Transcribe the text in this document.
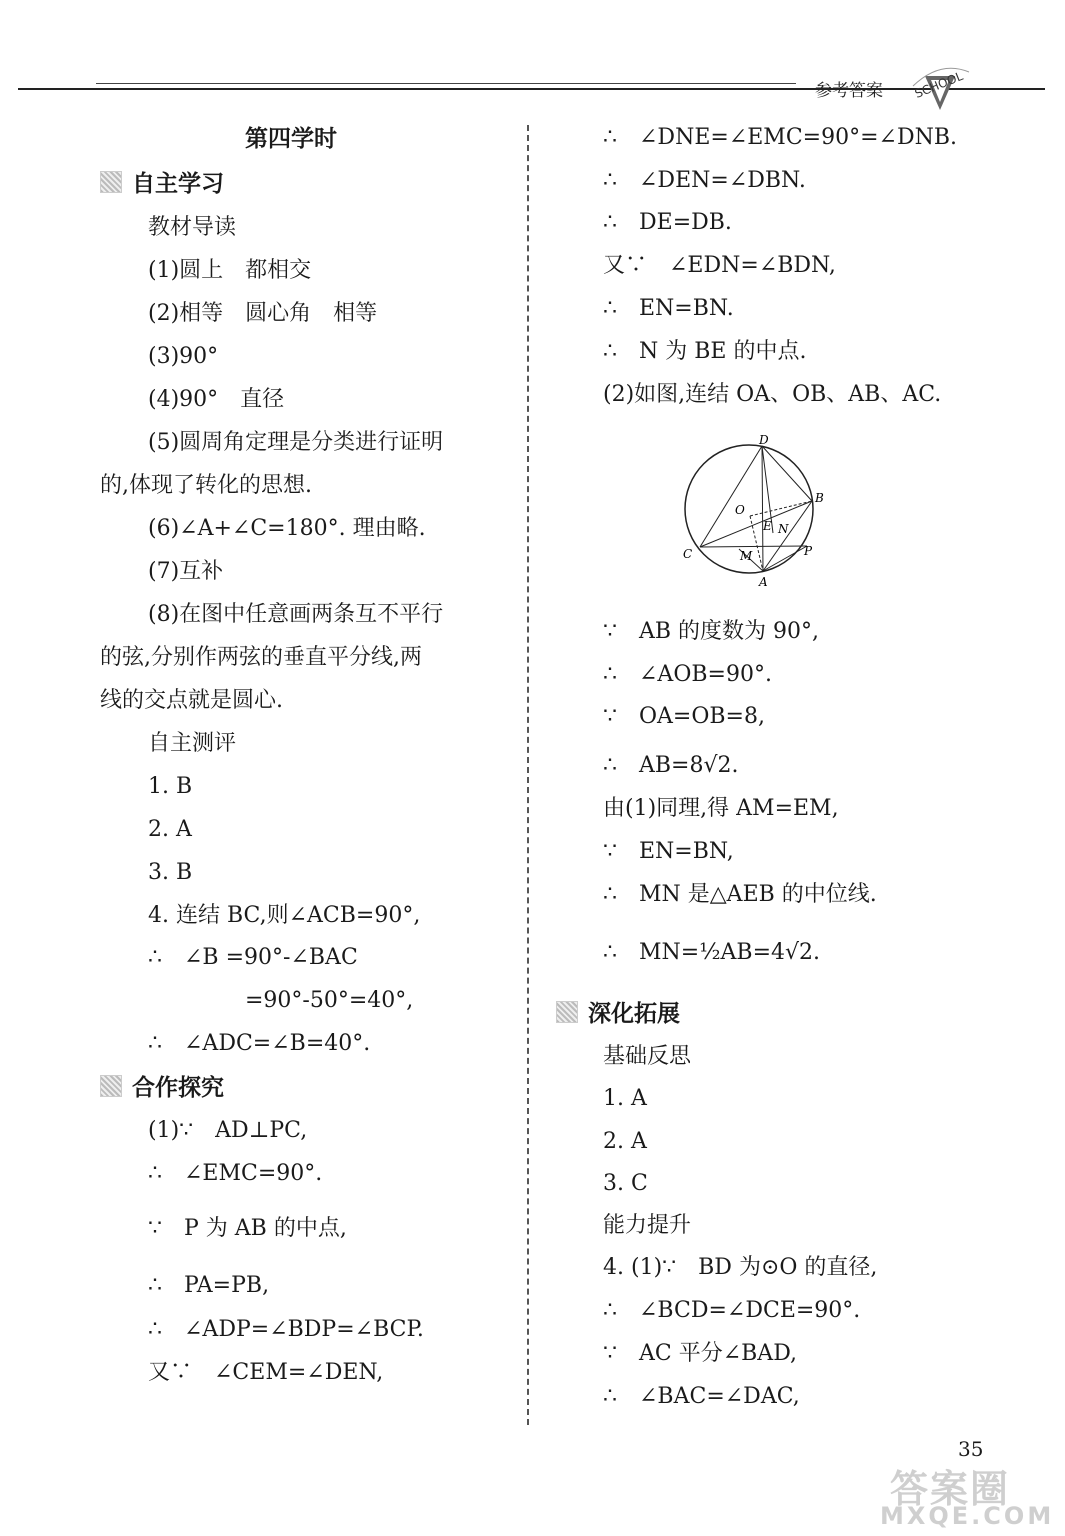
参考答案 SCHOOL
第四学时
自主学习
教材导读
(1)圆上　都相交
(2)相等　圆心角　相等
(3)90°
(4)90°　直径
(5)圆周角定理是分类进行证明
的,体现了转化的思想.
(6)∠A+∠C=180°. 理由略.
(7)互补
(8)在图中任意画两条互不平行
的弦,分别作两弦的垂直平分线,两
线的交点就是圆心.
自主测评
1. B
2. A
3. B
4. 连结 BC,则∠ACB=90°,
∴　∠B =90°-∠BAC
=90°-50°=40°,
∴　∠ADC=∠B=40°.
合作探究
(1)∵　AD⊥PC,
∴　∠EMC=90°.
∵　P 为 AB 的中点,
∴　PA=PB,
∴　∠ADP=∠BDP=∠BCP.
又∵　∠CEM=∠DEN,
∴　∠DNE=∠EMC=90°=∠DNB.
∴　∠DEN=∠DBN.
∴　DE=DB.
又∵　∠EDN=∠BDN,
∴　EN=BN.
∴　N 为 BE 的中点.
(2)如图,连结 OA、OB、AB、AC.
D
B
O
E N
C	M	P
A
∵　AB 的度数为 90°,
∴　∠AOB=90°.
∵　OA=OB=8,
∴　AB=8√2.
由(1)同理,得 AM=EM,
∵　EN=BN,
∴　MN 是△AEB 的中位线.
∴　MN=½AB=4√2.
深化拓展
基础反思
1. A
2. A
3. C
能力提升
4. (1)∵　BD 为⊙O 的直径,
∴　∠BCD=∠DCE=90°.
∵　AC 平分∠BAD,
∴　∠BAC=∠DAC,
35
答案圈
MXQE.COM
